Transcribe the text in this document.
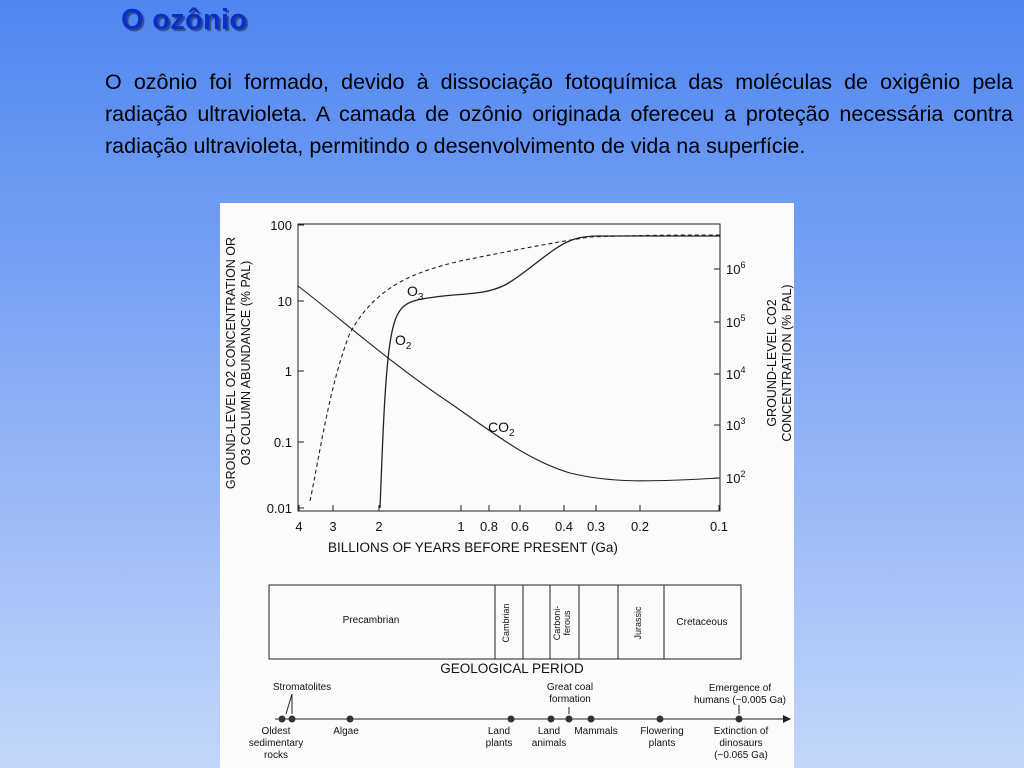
O ozônio
O ozônio foi formado, devido à dissociação fotoquímica das moléculas de oxigênio pela radiação ultravioleta. A camada de ozônio originada ofereceu a proteção necessária contra radiação ultravioleta, permitindo o desenvolvimento de vida na superfície.
100
10
1
0.1
0.01
$10^6$
$10^5$
$10^4$
$10^3$
$10^2$
4 3	2	1 0.8 0.6 0.4 0.3 0.2	0.1
BILLIONS OF YEARS BEFORE PRESENT (Ga)
GROUND-LEVEL O2 CONCENTRATION OR O3 COLUMN ABUNDANCE (% PAL)	GROUND-LEVEL CO2 CONCENTRATION (% PAL)
$O_3$
$O_2$
$CO_2$
Precambrian	Cambrian	Carboni-ferous	Jurassic	Cretaceous
GEOLOGICAL PERIOD
Stromatolites	Great coal formation
Emergence of humans (~0.005 Ga)
Oldest sedimentary rocks
Algae	Land plants
Land animals
Mammals Flowering plants
Extinction of dinosaurs (~0.065 Ga)
